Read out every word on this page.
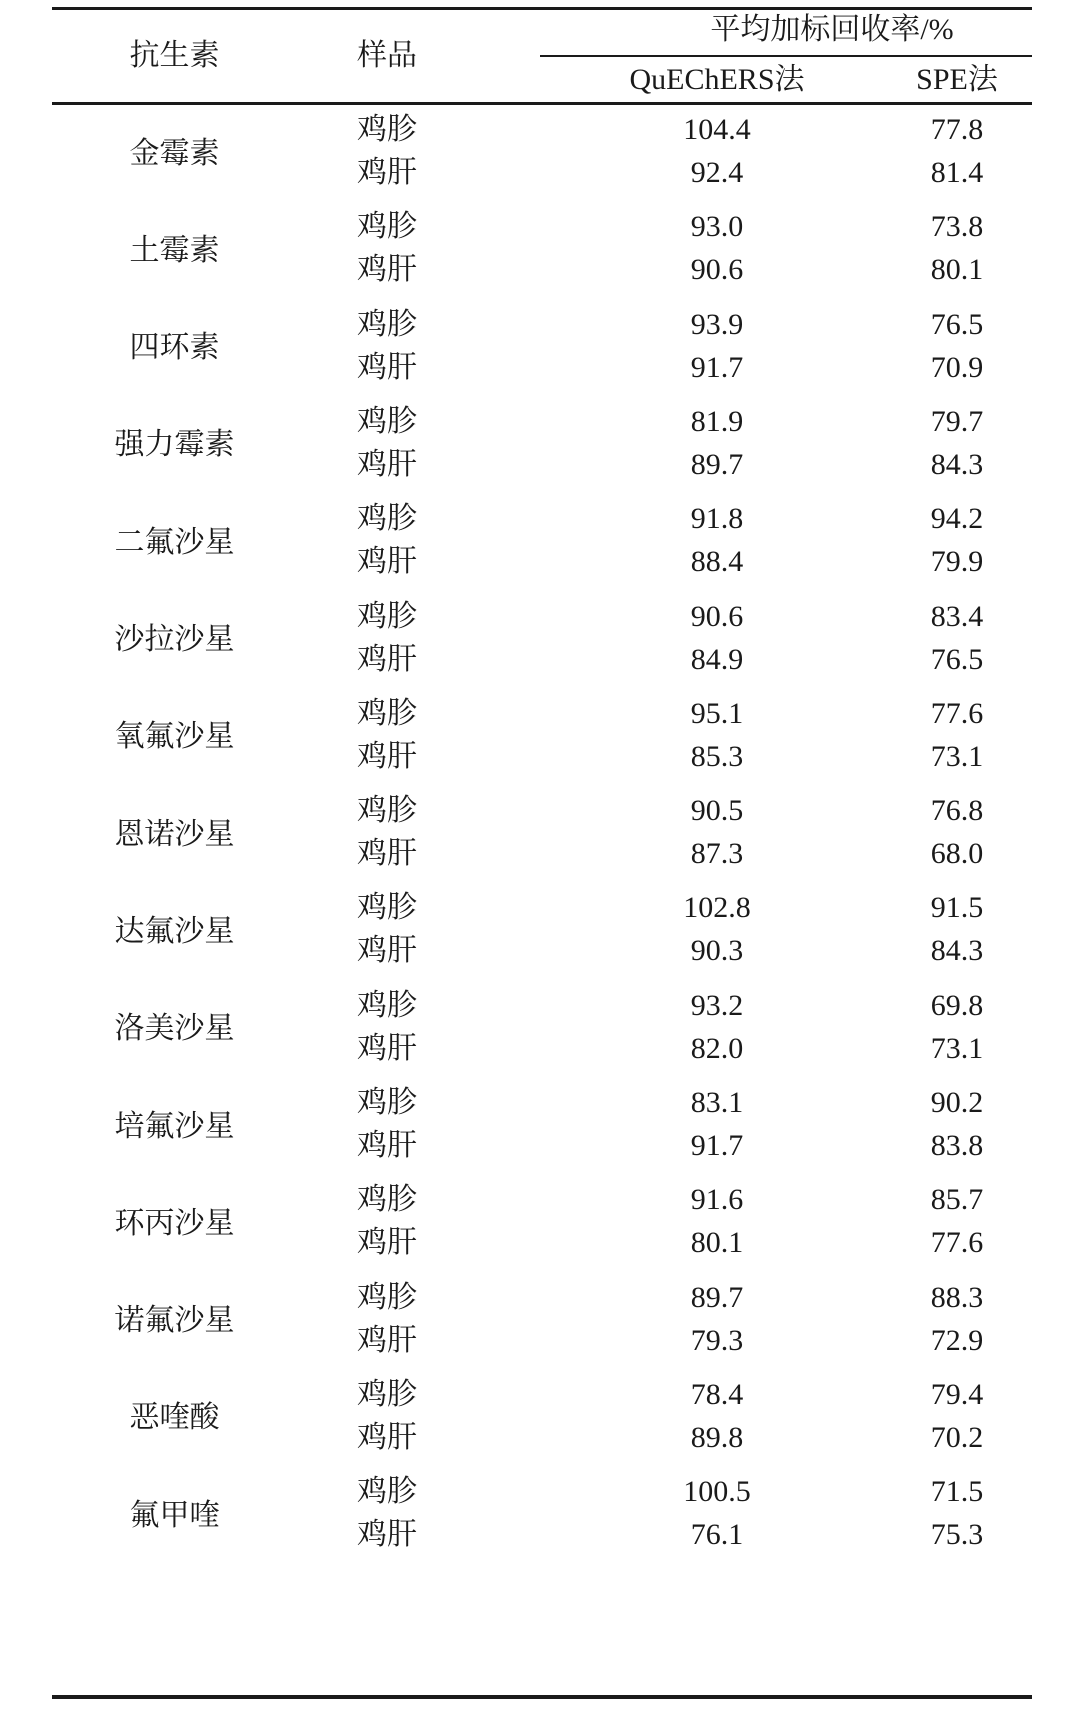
抗生素	样品
平均加标回收率/%
QuEChERS法	SPE法
金霉素
鸡胗	104.4	77.8
鸡肝	92.4	81.4
土霉素
鸡胗	93.0	73.8
鸡肝	90.6	80.1
四环素
鸡胗	93.9	76.5
鸡肝	91.7	70.9
强力霉素
鸡胗	81.9	79.7
鸡肝	89.7	84.3
二氟沙星
鸡胗	91.8	94.2
鸡肝	88.4	79.9
沙拉沙星
鸡胗	90.6	83.4
鸡肝	84.9	76.5
氧氟沙星
鸡胗	95.1	77.6
鸡肝	85.3	73.1
恩诺沙星
鸡胗	90.5	76.8
鸡肝	87.3	68.0
达氟沙星
鸡胗	102.8	91.5
鸡肝	90.3	84.3
洛美沙星
鸡胗	93.2	69.8
鸡肝	82.0	73.1
培氟沙星
鸡胗	83.1	90.2
鸡肝	91.7	83.8
环丙沙星
鸡胗	91.6	85.7
鸡肝	80.1	77.6
诺氟沙星
鸡胗	89.7	88.3
鸡肝	79.3	72.9
恶喹酸
鸡胗	78.4	79.4
鸡肝	89.8	70.2
氟甲喹
鸡胗	100.5	71.5
鸡肝	76.1	75.3
